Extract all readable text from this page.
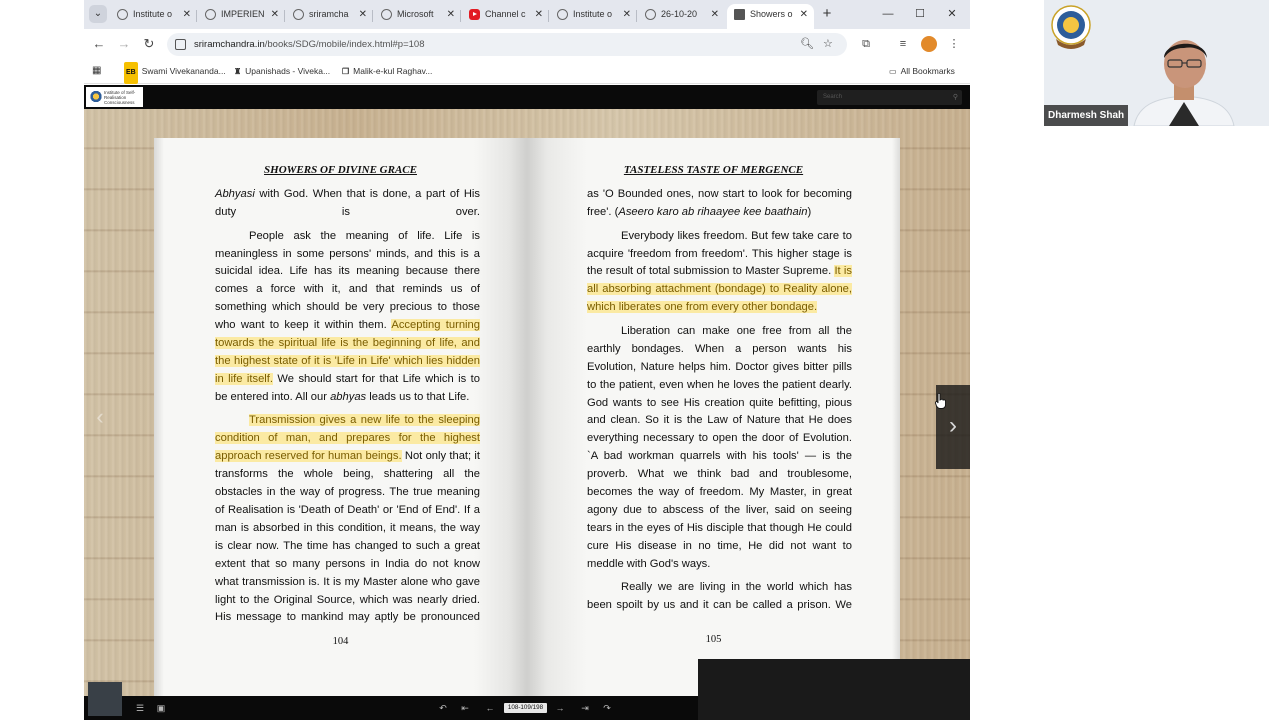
⌄	Institute o ✕	IMPERIEN ✕	sriramcha ✕	Microsoft ✕	Channel c ✕	Institute o ✕	26-10-20 ✕	Showers o ✕ +	—	☐	✕
← → ↻	sriramchandra.in/books/SDG/mobile/index.html#p=108	🔍︎ ☆	⧉	≡	⋮
▦	EB Swami Vivekananda... ♜ Upanishads - Viveka... ❐ Malik-e-kul Raghav...	▭ All Bookmarks
Institute of Self-Realisation Consciousness
Search	⚲
SHOWERS OF DIVINE GRACE

Abhyasi with God. When that is done, a part of His duty is over.

People ask the meaning of life. Life is meaningless in some persons' minds, and this is a suicidal idea. Life has its meaning because there comes a force with it, and that reminds us of something which should be very precious to those who want to keep it within them. Accepting turning towards the spiritual life is the beginning of life, and the highest state of it is 'Life in Life' which lies hidden in life itself. We should start for that Life which is to be entered into. All our abhyas leads us to that Life.

Transmission gives a new life to the sleeping condition of man, and prepares for the highest approach reserved for human beings. Not only that; it transforms the whole being, shattering all the obstacles in the way of progress. The true meaning of Realisation is 'Death of Death' or 'End of End'. If a man is absorbed in this condition, it means, the way is clear now. The time has changed to such a great extent that so many persons in India do not know what transmission is. It is my Master alone who gave light to the Original Source, which was nearly dried. His message to mankind may aptly be pronounced

104
TASTELESS TASTE OF MERGENCE

as 'O Bounded ones, now start to look for becoming free'. (Aseero karo ab rihaayee kee baathain)

Everybody likes freedom. But few take care to acquire 'freedom from freedom'. This higher stage is the result of total submission to Master Supreme. It is all absorbing attachment (bondage) to Reality alone, which liberates one from every other bondage.

Liberation can make one free from all the earthly bondages. When a person wants his Evolution, Nature helps him. Doctor gives bitter pills to the patient, even when he loves the patient dearly. God wants to see His creation quite befitting, pious and clean. So it is the Law of Nature that He does everything necessary to open the door of Evolution. `A bad workman quarrels with his tools' — is the proverb. What we think bad and troublesome, becomes the way of freedom. My Master, in great agony due to abscess of the liver, said on seeing tears in the eyes of His disciple that though He could cure His disease in no time, He did not want to meddle with God's ways.

Really we are living in the world which has been spoilt by us and it can be called a prison. We

105
‹	›
☰	▣	↶	⇤	←	108-109/198	→	⇥	↷
Dharmesh Shah
